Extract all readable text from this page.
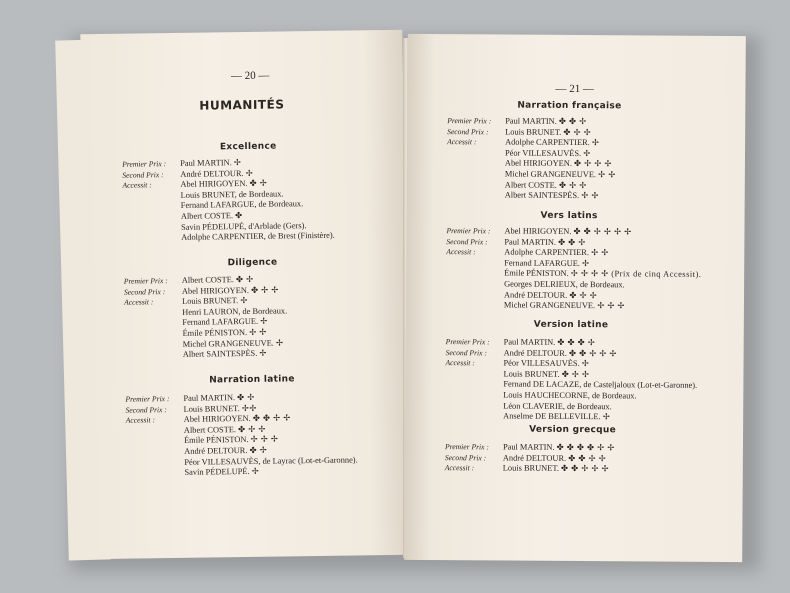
— 20 —
HUMANITÉS
Excellence
Premier Prix : Paul MARTIN. ✢
Second Prix : André DELTOUR. ✢
Accessit :	Abel HIRIGOYEN. ✤ ✢
Louis BRUNET, de Bordeaux.
Fernand LAFARGUE, de Bordeaux.
Albert COSTE. ✤
Savin PÉDELUPÉ, d'Arblade (Gers).
Adolphe CARPENTIER, de Brest (Finistère).
Diligence
Premier Prix : Albert COSTE. ✤ ✢
Second Prix : Abel HIRIGOYEN. ✤ ✢ ✢
Accessit :	Louis BRUNET. ✢
Henri LAURON, de Bordeaux.
Fernand LAFARGUE. ✢
Émile PÉNISTON. ✢ ✢
Michel GRANGENEUVE. ✢
Albert SAINTESPÈS. ✢
Narration latine
Premier Prix : Paul MARTIN. ✤ ✢
Second Prix : Louis BRUNET. ✢✢
Accessit :	Abel HIRIGOYEN. ✤ ✤ ✢ ✢
Albert COSTE. ✤ ✢ ✢
Émile PÉNISTON. ✢ ✢ ✢
André DELTOUR. ✤ ✢
Péor VILLESAUVÈS, de Layrac (Lot-et-Garonne).
Savin PÉDELUPÉ. ✢
— 21 —
Narration française
Premier Prix : Paul MARTIN. ✤ ✤ ✢
Second Prix : Louis BRUNET. ✤ ✢ ✢
Accessit :	Adolphe CARPENTIER. ✢
Péor VILLESAUVÈS. ✢
Abel HIRIGOYEN. ✤ ✢ ✢ ✢
Michel GRANGENEUVE. ✢ ✢
Albert COSTE. ✤ ✢ ✢
Albert SAINTESPÈS. ✢ ✢
Vers latins
Premier Prix : Abel HIRIGOYEN. ✤ ✤ ✢ ✢ ✢ ✢
Second Prix : Paul MARTIN. ✤ ✤ ✢
Accessit :	Adolphe CARPENTIER. ✢ ✢
Fernand LAFARGUE. ✢
Émile PÉNISTON. ✢ ✢ ✢ ✢ (Prix de cinq Accessit).
Georges DELRIEUX, de Bordeaux.
André DELTOUR. ✤ ✢ ✢
Michel GRANGENEUVE. ✢ ✢ ✢
Version latine
Premier Prix : Paul MARTIN. ✤ ✤ ✤ ✢
Second Prix : André DELTOUR. ✤ ✤ ✢ ✢ ✢
Accessit :	Péor VILLESAUVÈS. ✢
Louis BRUNET. ✤ ✢ ✢
Fernand DE LACAZE, de Casteljaloux (Lot-et-Garonne).
Louis HAUCHECORNE, de Bordeaux.
Léon CLAVERIE, de Bordeaux.
Anselme DE BELLEVILLE. ✢
Version grecque
Premier Prix : Paul MARTIN. ✤ ✤ ✤ ✤ ✢ ✢
Second Prix : André DELTOUR. ✤ ✤ ✢ ✢
Accessit :	Louis BRUNET. ✤ ✤ ✢ ✢ ✢
